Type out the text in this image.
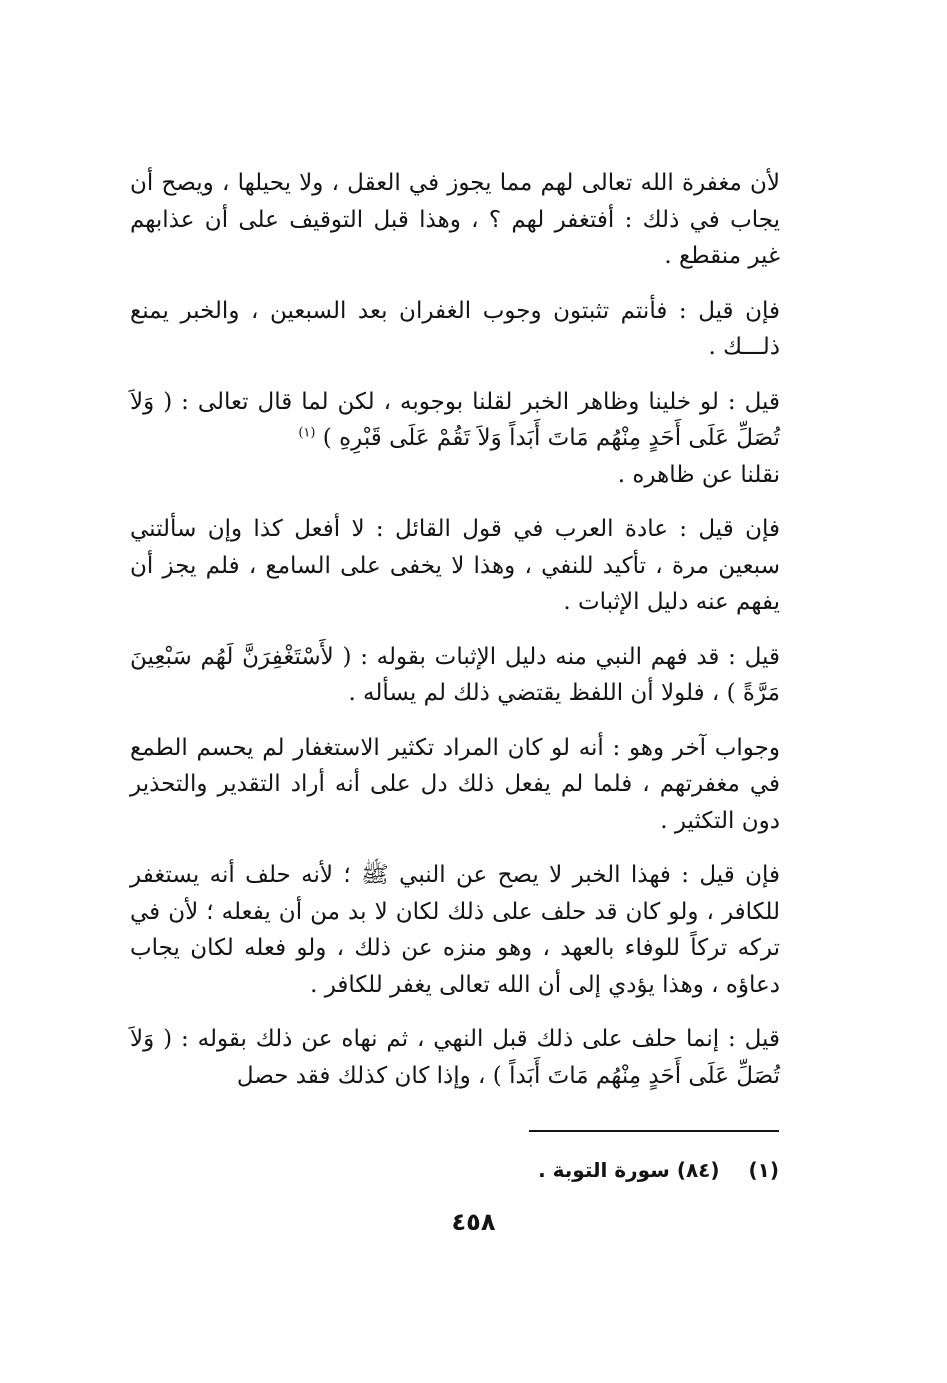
لأن مغفرة الله تعالى لهم مما يجوز في العقل ، ولا يحيلها ، ويصح أن يجاب في ذلك : أفتغفر لهم ؟ ، وهذا قبل التوقيف على أن عذابهم غير منقطع .

فإن قيل : فأنتم تثبتون وجوب الغفران بعد السبعين ، والخبر يمنع ذلـــك .

قيل : لو خلينا وظاهر الخبر لقلنا بوجوبه ، لكن لما قال تعالى : ( وَلاَ تُصَلِّ عَلَى أَحَدٍ مِنْهُم مَاتَ أَبَداً وَلاَ تَقُمْ عَلَى قَبْرِهِ ) $^{(١)}$
نقلنا عن ظاهره .

فإن قيل : عادة العرب في قول القائل : لا أفعل كذا وإن سألتني سبعين مرة ، تأكيد للنفي ، وهذا لا يخفى على السامع ، فلم يجز أن يفهم عنه دليل الإثبات .

قيل : قد فهم النبي منه دليل الإثبات بقوله : ( لأَسْتَغْفِرَنَّ لَهُم سَبْعِينَ مَرَّةً ) ، فلولا أن اللفظ يقتضي ذلك لم يسأله .

وجواب آخر وهو : أنه لو كان المراد تكثير الاستغفار لم يحسم الطمع في مغفرتهم ، فلما لم يفعل ذلك دل على أنه أراد التقدير والتحذير دون التكثير .

فإن قيل : فهذا الخبر لا يصح عن النبي ﷺ ؛ لأنه حلف أنه يستغفر للكافر ، ولو كان قد حلف على ذلك لكان لا بد من أن يفعله ؛ لأن في تركه تركاً للوفاء بالعهد ، وهو منزه عن ذلك ، ولو فعله لكان يجاب دعاؤه ، وهذا يؤدي إلى أن الله تعالى يغفر للكافر .

قيل : إنما حلف على ذلك قبل النهي ، ثم نهاه عن ذلك بقوله : ( وَلاَ تُصَلِّ عَلَى أَحَدٍ مِنْهُم مَاتَ أَبَداً ) ، وإذا كان كذلك فقد حصل

(١) (٨٤) سورة التوبة .
٤٥٨
